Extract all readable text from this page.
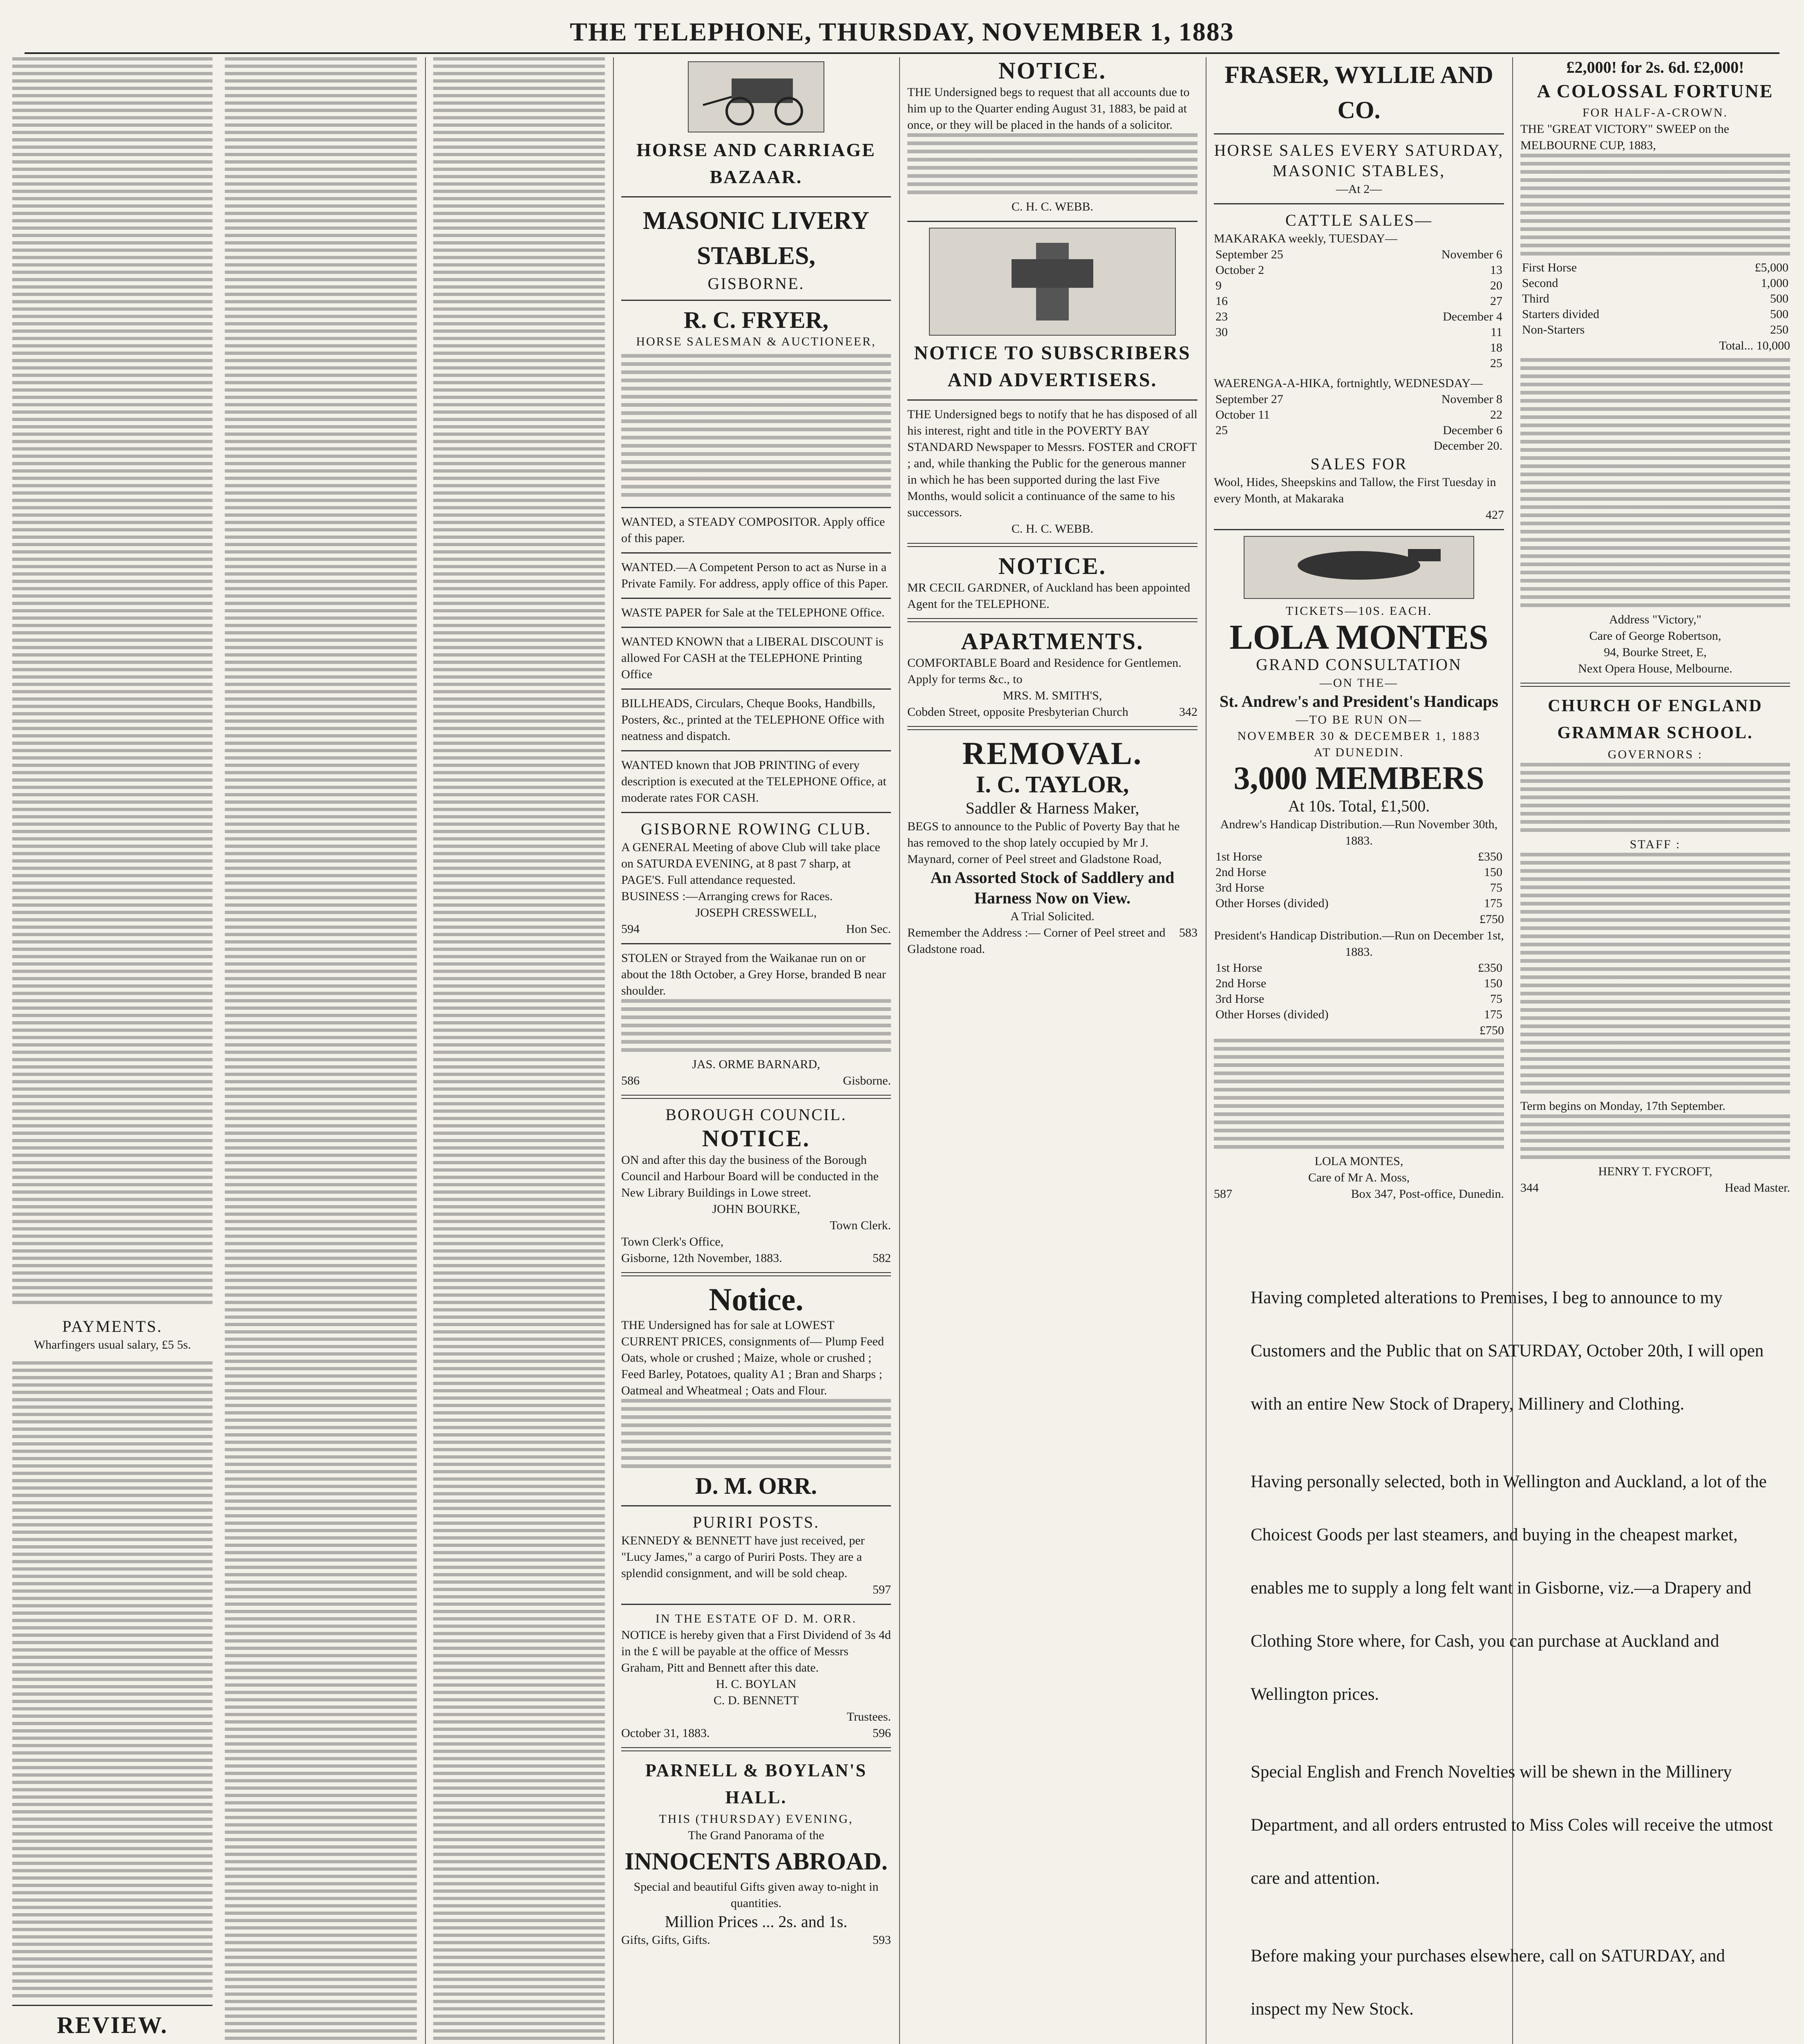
THE TELEPHONE, THURSDAY, NOVEMBER 1, 1883
PAYMENTS.
Wharfingers usual salary, £5 5s.
REVIEW.
HORSE AND CARRIAGE BAZAAR.
MASONIC LIVERY STABLES,
GISBORNE.
R. C. FRYER,
HORSE SALESMAN & AUCTIONEER,
WANTED, a STEADY COMPOSITOR. Apply office of this paper.
WANTED.—A Competent Person to act as Nurse in a Private Family. For address, apply office of this Paper.
WASTE PAPER for Sale at the TELEPHONE Office.
WANTED KNOWN that a LIBERAL DISCOUNT is allowed For CASH at the TELEPHONE Printing Office
BILLHEADS, Circulars, Cheque Books, Handbills, Posters, &c., printed at the TELEPHONE Office with neatness and dispatch.
WANTED known that JOB PRINTING of every description is executed at the TELEPHONE Office, at moderate rates FOR CASH.
GISBORNE ROWING CLUB.
A GENERAL Meeting of above Club will take place on SATURDA EVENING, at 8 past 7 sharp, at PAGE'S. Full attendance requested.
BUSINESS :—Arranging crews for Races.
JOSEPH CRESSWELL,
594	Hon Sec.
STOLEN or Strayed from the Waikanae run on or about the 18th October, a Grey Horse, branded B near shoulder.
JAS. ORME BARNARD,
586	Gisborne.
BOROUGH COUNCIL.
NOTICE.
ON and after this day the business of the Borough Council and Harbour Board will be conducted in the New Library Buildings in Lowe street.
JOHN BOURKE,
Town Clerk.
Town Clerk's Office,
Gisborne, 12th November, 1883.	582
Notice.
THE Undersigned has for sale at LOWEST CURRENT PRICES, consignments of— Plump Feed Oats, whole or crushed ; Maize, whole or crushed ; Feed Barley, Potatoes, quality A1 ; Bran and Sharps ; Oatmeal and Wheatmeal ; Oats and Flour.
D. M. ORR.
PURIRI POSTS.
KENNEDY & BENNETT have just received, per "Lucy James," a cargo of Puriri Posts. They are a splendid consignment, and will be sold cheap.
597
IN THE ESTATE OF D. M. ORR.
NOTICE is hereby given that a First Dividend of 3s 4d in the £ will be payable at the office of Messrs Graham, Pitt and Bennett after this date.
H. C. BOYLAN
C. D. BENNETT
Trustees.
October 31, 1883.	596
PARNELL & BOYLAN'S HALL.
THIS (THURSDAY) EVENING,
The Grand Panorama of the
INNOCENTS ABROAD.
Special and beautiful Gifts given away to-night in quantities.
Million Prices ... 2s. and 1s.
Gifts, Gifts, Gifts.	593
NOTICE.
THE Undersigned begs to request that all accounts due to him up to the Quarter ending August 31, 1883, be paid at once, or they will be placed in the hands of a solicitor.
C. H. C. WEBB.
NOTICE TO SUBSCRIBERS AND ADVERTISERS.
THE Undersigned begs to notify that he has disposed of all his interest, right and title in the POVERTY BAY STANDARD Newspaper to Messrs. FOSTER and CROFT ; and, while thanking the Public for the generous manner in which he has been supported during the last Five Months, would solicit a continuance of the same to his successors.
C. H. C. WEBB.
NOTICE.
MR CECIL GARDNER, of Auckland has been appointed Agent for the TELEPHONE.
APARTMENTS.
COMFORTABLE Board and Residence for Gentlemen. Apply for terms &c., to
MRS. M. SMITH'S,
Cobden Street, opposite Presbyterian Church	342
REMOVAL.
I. C. TAYLOR,
Saddler & Harness Maker,
BEGS to announce to the Public of Poverty Bay that he has removed to the shop lately occupied by Mr J. Maynard, corner of Peel street and Gladstone Road,
An Assorted Stock of Saddlery and Harness Now on View.
A Trial Solicited.
Remember the Address :— Corner of Peel street and Gladstone road.
583
FRASER, WYLLIE AND CO.
HORSE SALES EVERY SATURDAY,
MASONIC STABLES,
—At 2—
CATTLE SALES—
MAKARAKA weekly, TUESDAY—
September 25	November 6
October 2	13
9	20
16	27
23	December 4
30	11
	18
	25
WAERENGA-A-HIKA, fortnightly, WEDNESDAY—
September 27	November 8
October 11	22
25	December 6
	December 20.
SALES FOR
Wool, Hides, Sheepskins and Tallow, the First Tuesday in every Month, at Makaraka
427
TICKETS—10S. EACH.
LOLA MONTES
GRAND CONSULTATION
—ON THE—
St. Andrew's and President's Handicaps
—TO BE RUN ON—
NOVEMBER 30 & DECEMBER 1, 1883
AT DUNEDIN.
3,000 MEMBERS
At 10s. Total, £1,500.
Andrew's Handicap Distribution.—Run November 30th, 1883.
1st Horse	£350
2nd Horse	150
3rd Horse	75
Other Horses (divided)	175
£750
President's Handicap Distribution.—Run on December 1st, 1883.
1st Horse	£350
2nd Horse	150
3rd Horse	75
Other Horses (divided)	175
£750
LOLA MONTES,
Care of Mr A. Moss,
587	Box 347, Post-office, Dunedin.
£2,000! for 2s. 6d. £2,000!
A COLOSSAL FORTUNE
FOR HALF-A-CROWN.
THE "GREAT VICTORY" SWEEP on the MELBOURNE CUP, 1883,
First Horse	£5,000
Second	1,000
Third	500
Starters divided	500
Non-Starters	250
Total... 10,000
Address "Victory,"
Care of George Robertson,
94, Bourke Street, E,
Next Opera House, Melbourne.
CHURCH OF ENGLAND GRAMMAR SCHOOL.
GOVERNORS :
STAFF :
Term begins on Monday, 17th September.
HENRY T. FYCROFT,
344	Head Master.

Having completed alterations to Premises, I beg to announce to my Customers and the Public that on SATURDAY, October 20th, I will open with an entire New Stock of Drapery, Millinery and Clothing.

Having personally selected, both in Wellington and Auckland, a lot of the Choicest Goods per last steamers, and buying in the cheapest market, enables me to supply a long felt want in Gisborne, viz.—a Drapery and Clothing Store where, for Cash, you can purchase at Auckland and Wellington prices.

Special English and French Novelties will be shewn in the Millinery Department, and all orders entrusted to Miss Coles will receive the utmost care and attention.

Before making your purchases elsewhere, call on SATURDAY, and inspect my New Stock.
